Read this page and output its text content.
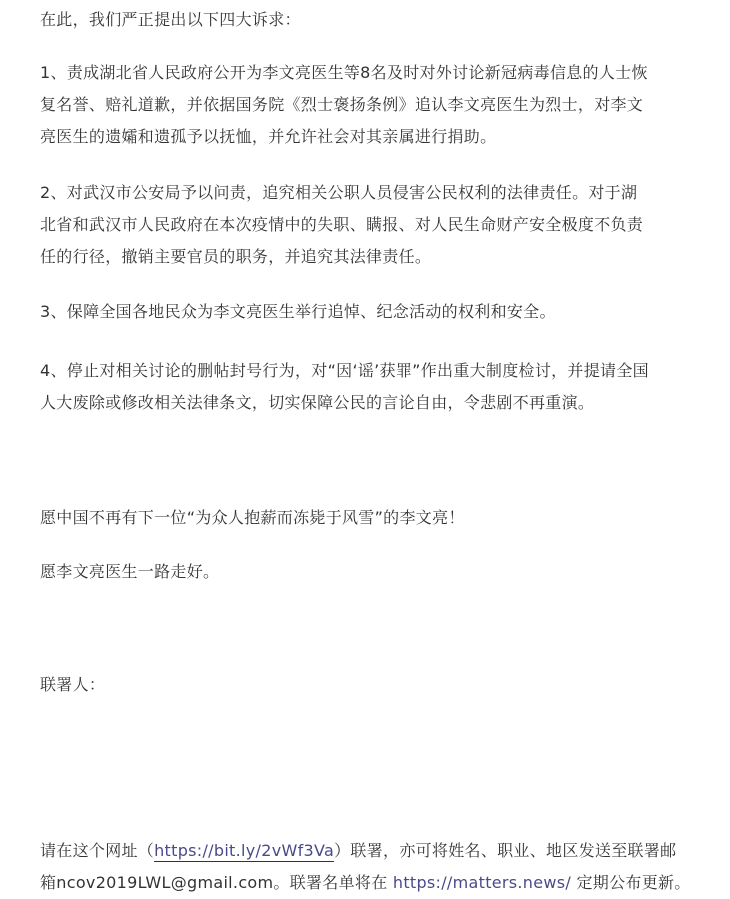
在此，我们严正提出以下四大诉求：

1、责成湖北省人民政府公开为李文亮医生等8名及时对外讨论新冠病毒信息的人士恢
复名誉、赔礼道歉，并依据国务院《烈士褒扬条例》追认李文亮医生为烈士，对李文
亮医生的遗孀和遗孤予以抚恤，并允许社会对其亲属进行捐助。

2、对武汉市公安局予以问责，追究相关公职人员侵害公民权利的法律责任。对于湖
北省和武汉市人民政府在本次疫情中的失职、瞒报、对人民生命财产安全极度不负责
任的行径，撤销主要官员的职务，并追究其法律责任。

3、保障全国各地民众为李文亮医生举行追悼、纪念活动的权利和安全。

4、停止对相关讨论的删帖封号行为，对“因‘谣’获罪”作出重大制度检讨，并提请全国
人大废除或修改相关法律条文，切实保障公民的言论自由，令悲剧不再重演。

愿中国不再有下一位“为众人抱薪而冻毙于风雪”的李文亮！

愿李文亮医生一路走好。

联署人：

请在这个网址（https://bit.ly/2vWf3Va）联署，亦可将姓名、职业、地区发送至联署邮
箱ncov2019LWL@gmail.com。联署名单将在 https://matters.news/ 定期公布更新。
